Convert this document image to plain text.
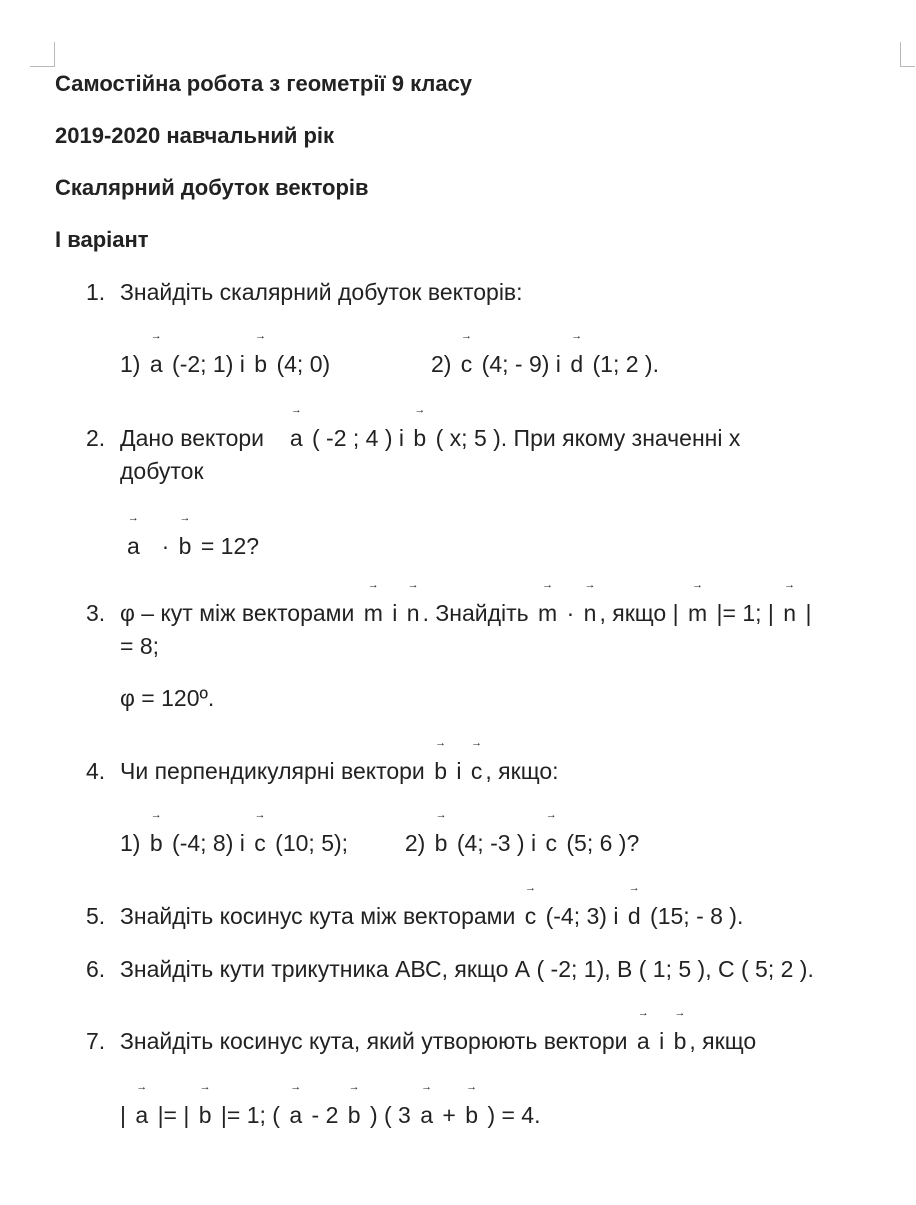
Самостійна робота з геометрії 9 класу
2019-2020 навчальний рік
Скалярний добуток векторів
І варіант
1. Знайдіть скалярний добуток векторів:
1) → a (-2; 1) і → b (4; 0)	2) → c (4; - 9) і → d (1; 2 ).
2. Дано вектори → a ( -2 ; 4 ) і → b ( x; 5 ). При якому значенні х
добуток
→ a · → b = 12?
3. φ – кут між векторами → m і → n . Знайдіть → m · → n , якщо | → m |= 1; | → n |
= 8;
φ = 120º.
4. Чи перпендикулярні вектори → b і → c , якщо:
1) → b (-4; 8) і → c (10; 5); 2) → b (4; -3 ) і → c (5; 6 )?
5. Знайдіть косинус кута між векторами → c (-4; 3) і → d (15; - 8 ).
6. Знайдіть кути трикутника АВС, якщо А ( -2; 1), В ( 1; 5 ), С ( 5; 2 ).
7. Знайдіть косинус кута, який утворюють вектори → a і → b , якщо
| → a |= | → b |= 1; ( → a - 2 → b ) ( 3 → a + → b ) = 4.
